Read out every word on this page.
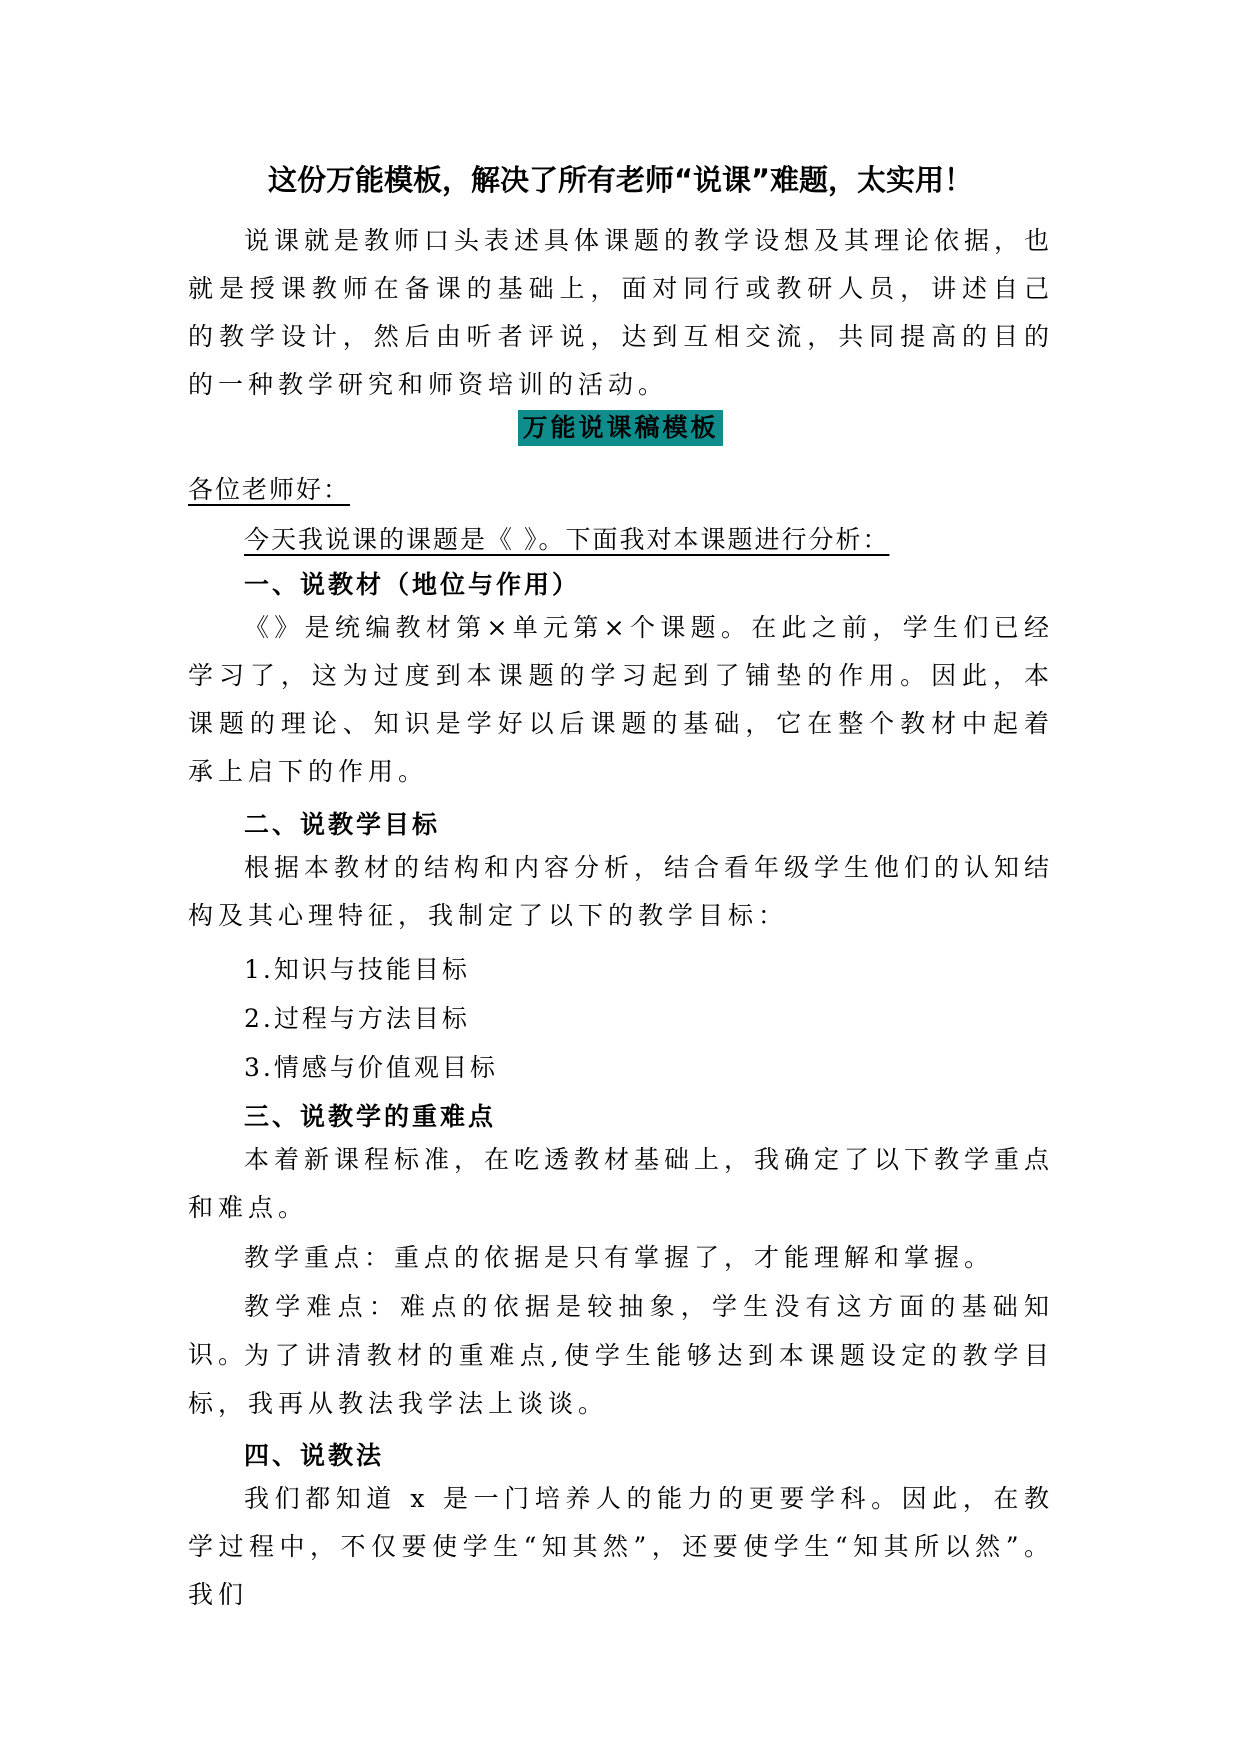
这份万能模板，解决了所有老师“说课”难题，太实用！

说课就是教师口头表述具体课题的教学设想及其理论依据，也就是授课教师在备课的基础上，面对同行或教研人员，讲述自己的教学设计，然后由听者评说，达到互相交流，共同提高的目的的一种教学研究和师资培训的活动。

万能说课稿模板
各位老师好：
今天我说课的课题是《 》。下面我对本课题进行分析：
一、说教材（地位与作用）

《》是统编教材第×单元第×个课题。在此之前，学生们已经学习了，这为过度到本课题的学习起到了铺垫的作用。因此，本课题的理论、知识是学好以后课题的基础，它在整个教材中起着承上启下的作用。

二、说教学目标

根据本教材的结构和内容分析，结合看年级学生他们的认知结构及其心理特征，我制定了以下的教学目标：

1.知识与技能目标
2.过程与方法目标
3.情感与价值观目标
三、说教学的重难点

本着新课程标准，在吃透教材基础上，我确定了以下教学重点和难点。

教学重点：重点的依据是只有掌握了，才能理解和掌握。

教学难点：难点的依据是较抽象，学生没有这方面的基础知识。

为了讲清教材的重难点,使学生能够达到本课题设定的教学目标，我再从教法我学法上谈谈。

四、说教法

我们都知道 x 是一门培养人的能力的更要学科。因此，在教学过程中，不仅要使学生“知其然”，还要使学生“知其所以然”。我们
